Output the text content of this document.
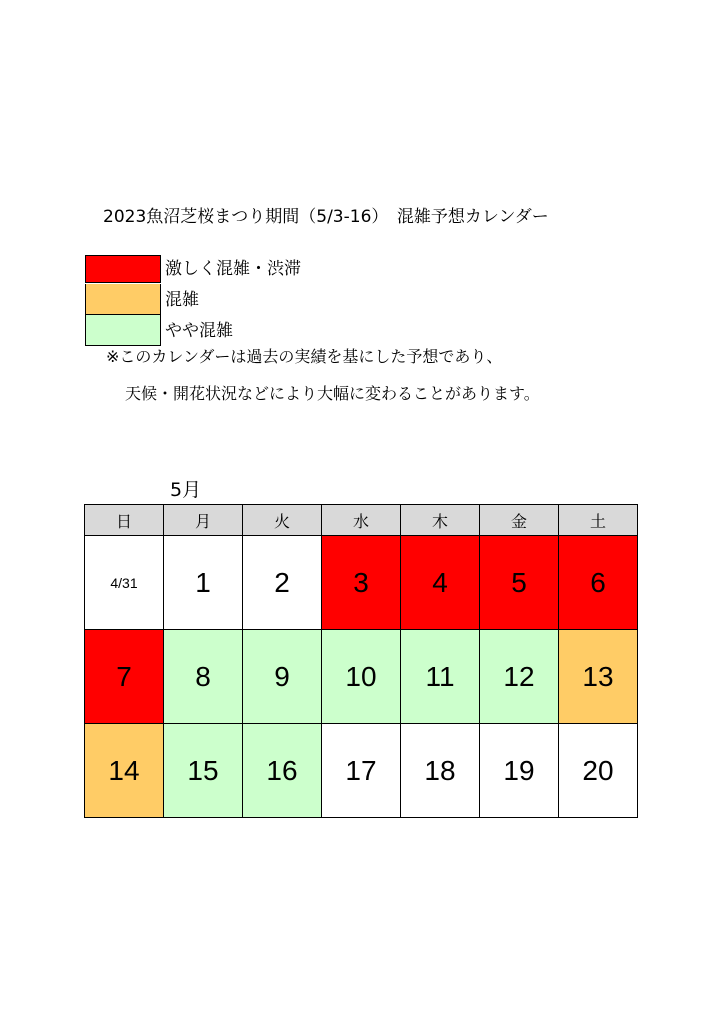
2023魚沼芝桜まつり期間（5/3-16）　混雑予想カレンダー
激しく混雑・渋滞
混雑
やや混雑
※このカレンダーは過去の実績を基にした予想であり、
天候・開花状況などにより大幅に変わることがあります。
5月
日	月	火	水	木	金	土
4/31	1	2	3	4	5	6
7	8	9	10	11	12	13
14	15	16	17	18	19	20
